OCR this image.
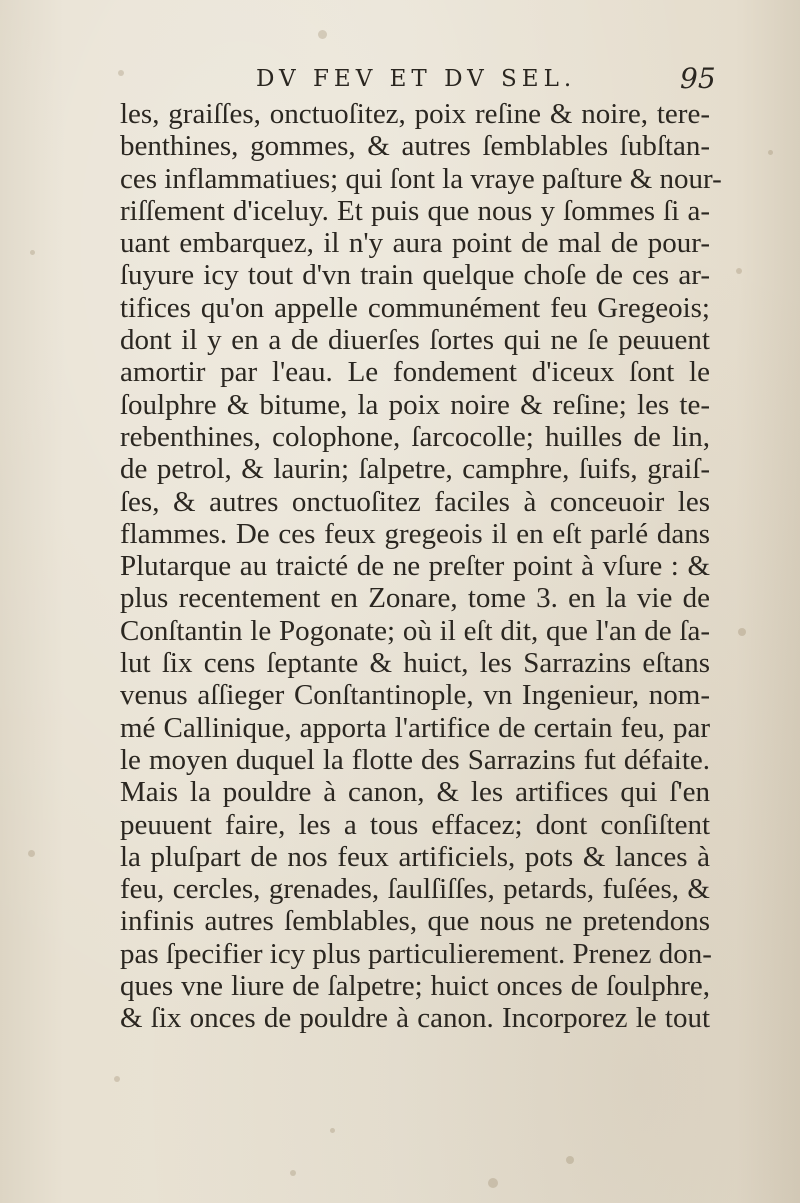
DV FEV ET DV SEL.	95
les, graiſſes, onctuoſitez, poix reſine & noire, tere-
benthines, gommes, & autres ſemblables ſubſtan-
ces inflammatiues; qui ſont la vraye paſture & nour-
riſſement d'iceluy. Et puis que nous y ſommes ſi a-
uant embarquez, il n'y aura point de mal de pour-
ſuyure icy tout d'vn train quelque choſe de ces ar-
tifices qu'on appelle communément feu Gregeois;
dont il y en a de diuerſes ſortes qui ne ſe peuuent
amortir par l'eau. Le fondement d'iceux ſont le
ſoulphre & bitume, la poix noire & reſine; les te-
rebenthines, colophone, ſarcocolle; huilles de lin,
de petrol, & laurin; ſalpetre, camphre, ſuifs, graiſ-
ſes, & autres onctuoſitez faciles à conceuoir les
flammes. De ces feux gregeois il en eſt parlé dans
Plutarque au traicté de ne preſter point à vſure : &
plus recentement en Zonare, tome 3. en la vie de
Conſtantin le Pogonate; où il eſt dit, que l'an de ſa-
lut ſix cens ſeptante & huict, les Sarrazins eſtans
venus aſſieger Conſtantinople, vn Ingenieur, nom-
mé Callinique, apporta l'artifice de certain feu, par
le moyen duquel la flotte des Sarrazins fut défaite.
Mais la pouldre à canon, & les artifices qui ſ'en
peuuent faire, les a tous effacez; dont conſiſtent
la pluſpart de nos feux artificiels, pots & lances à
feu, cercles, grenades, ſaulſiſſes, petards, fuſées, &
infinis autres ſemblables, que nous ne pretendons
pas ſpecifier icy plus particulierement. Prenez don-
ques vne liure de ſalpetre; huict onces de ſoulphre,
& ſix onces de pouldre à canon. Incorporez le tout
